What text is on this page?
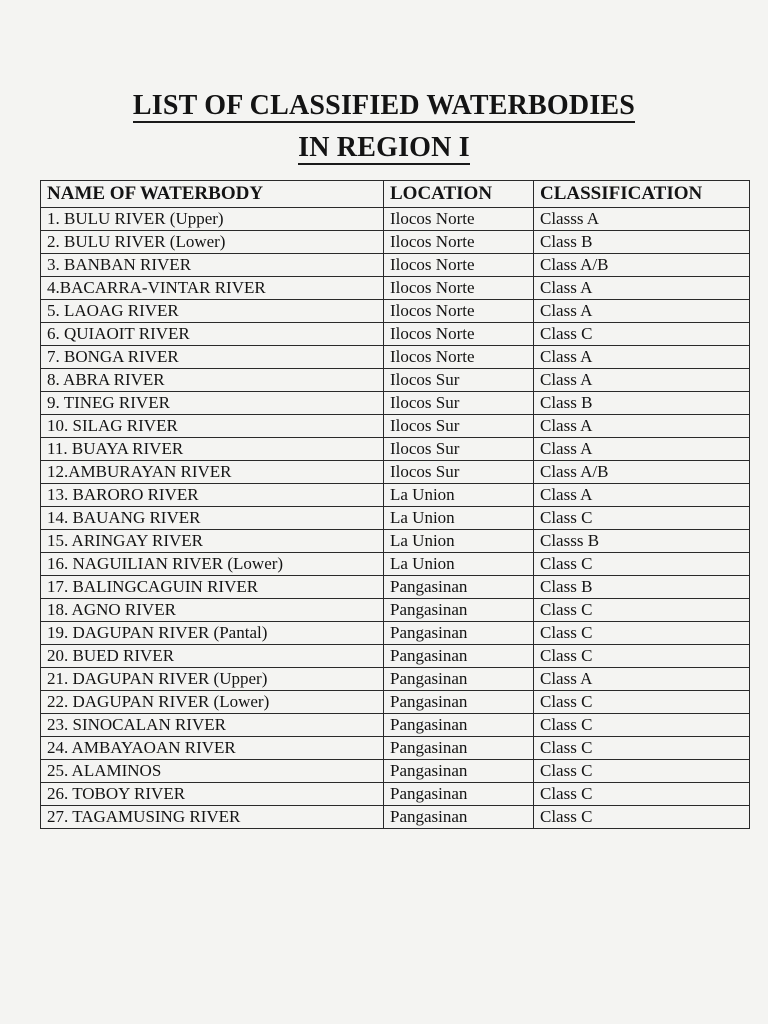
LIST OF CLASSIFIED WATERBODIES
IN REGION I
NAME OF WATERBODY	LOCATION	CLASSIFICATION
1. BULU RIVER (Upper)	Ilocos Norte	Classs A
2. BULU RIVER (Lower)	Ilocos Norte	Class B
3. BANBAN RIVER	Ilocos Norte	Class A/B
4.BACARRA-VINTAR RIVER	Ilocos Norte	Class A
5. LAOAG RIVER	Ilocos Norte	Class A
6. QUIAOIT RIVER	Ilocos Norte	Class C
7. BONGA RIVER	Ilocos Norte	Class A
8. ABRA RIVER	Ilocos Sur	Class A
9. TINEG RIVER	Ilocos Sur	Class B
10. SILAG RIVER	Ilocos Sur	Class A
11. BUAYA RIVER	Ilocos Sur	Class A
12.AMBURAYAN RIVER	Ilocos Sur	Class A/B
13. BARORO RIVER	La Union	Class A
14. BAUANG RIVER	La Union	Class C
15. ARINGAY RIVER	La Union	Classs B
16. NAGUILIAN RIVER (Lower)	La Union	Class C
17. BALINGCAGUIN RIVER	Pangasinan	Class B
18. AGNO RIVER	Pangasinan	Class C
19. DAGUPAN RIVER (Pantal)	Pangasinan	Class C
20. BUED RIVER	Pangasinan	Class C
21. DAGUPAN RIVER (Upper)	Pangasinan	Class A
22. DAGUPAN RIVER (Lower)	Pangasinan	Class C
23. SINOCALAN RIVER	Pangasinan	Class C
24. AMBAYAOAN RIVER	Pangasinan	Class C
25. ALAMINOS	Pangasinan	Class C
26. TOBOY RIVER	Pangasinan	Class C
27. TAGAMUSING RIVER	Pangasinan	Class C
